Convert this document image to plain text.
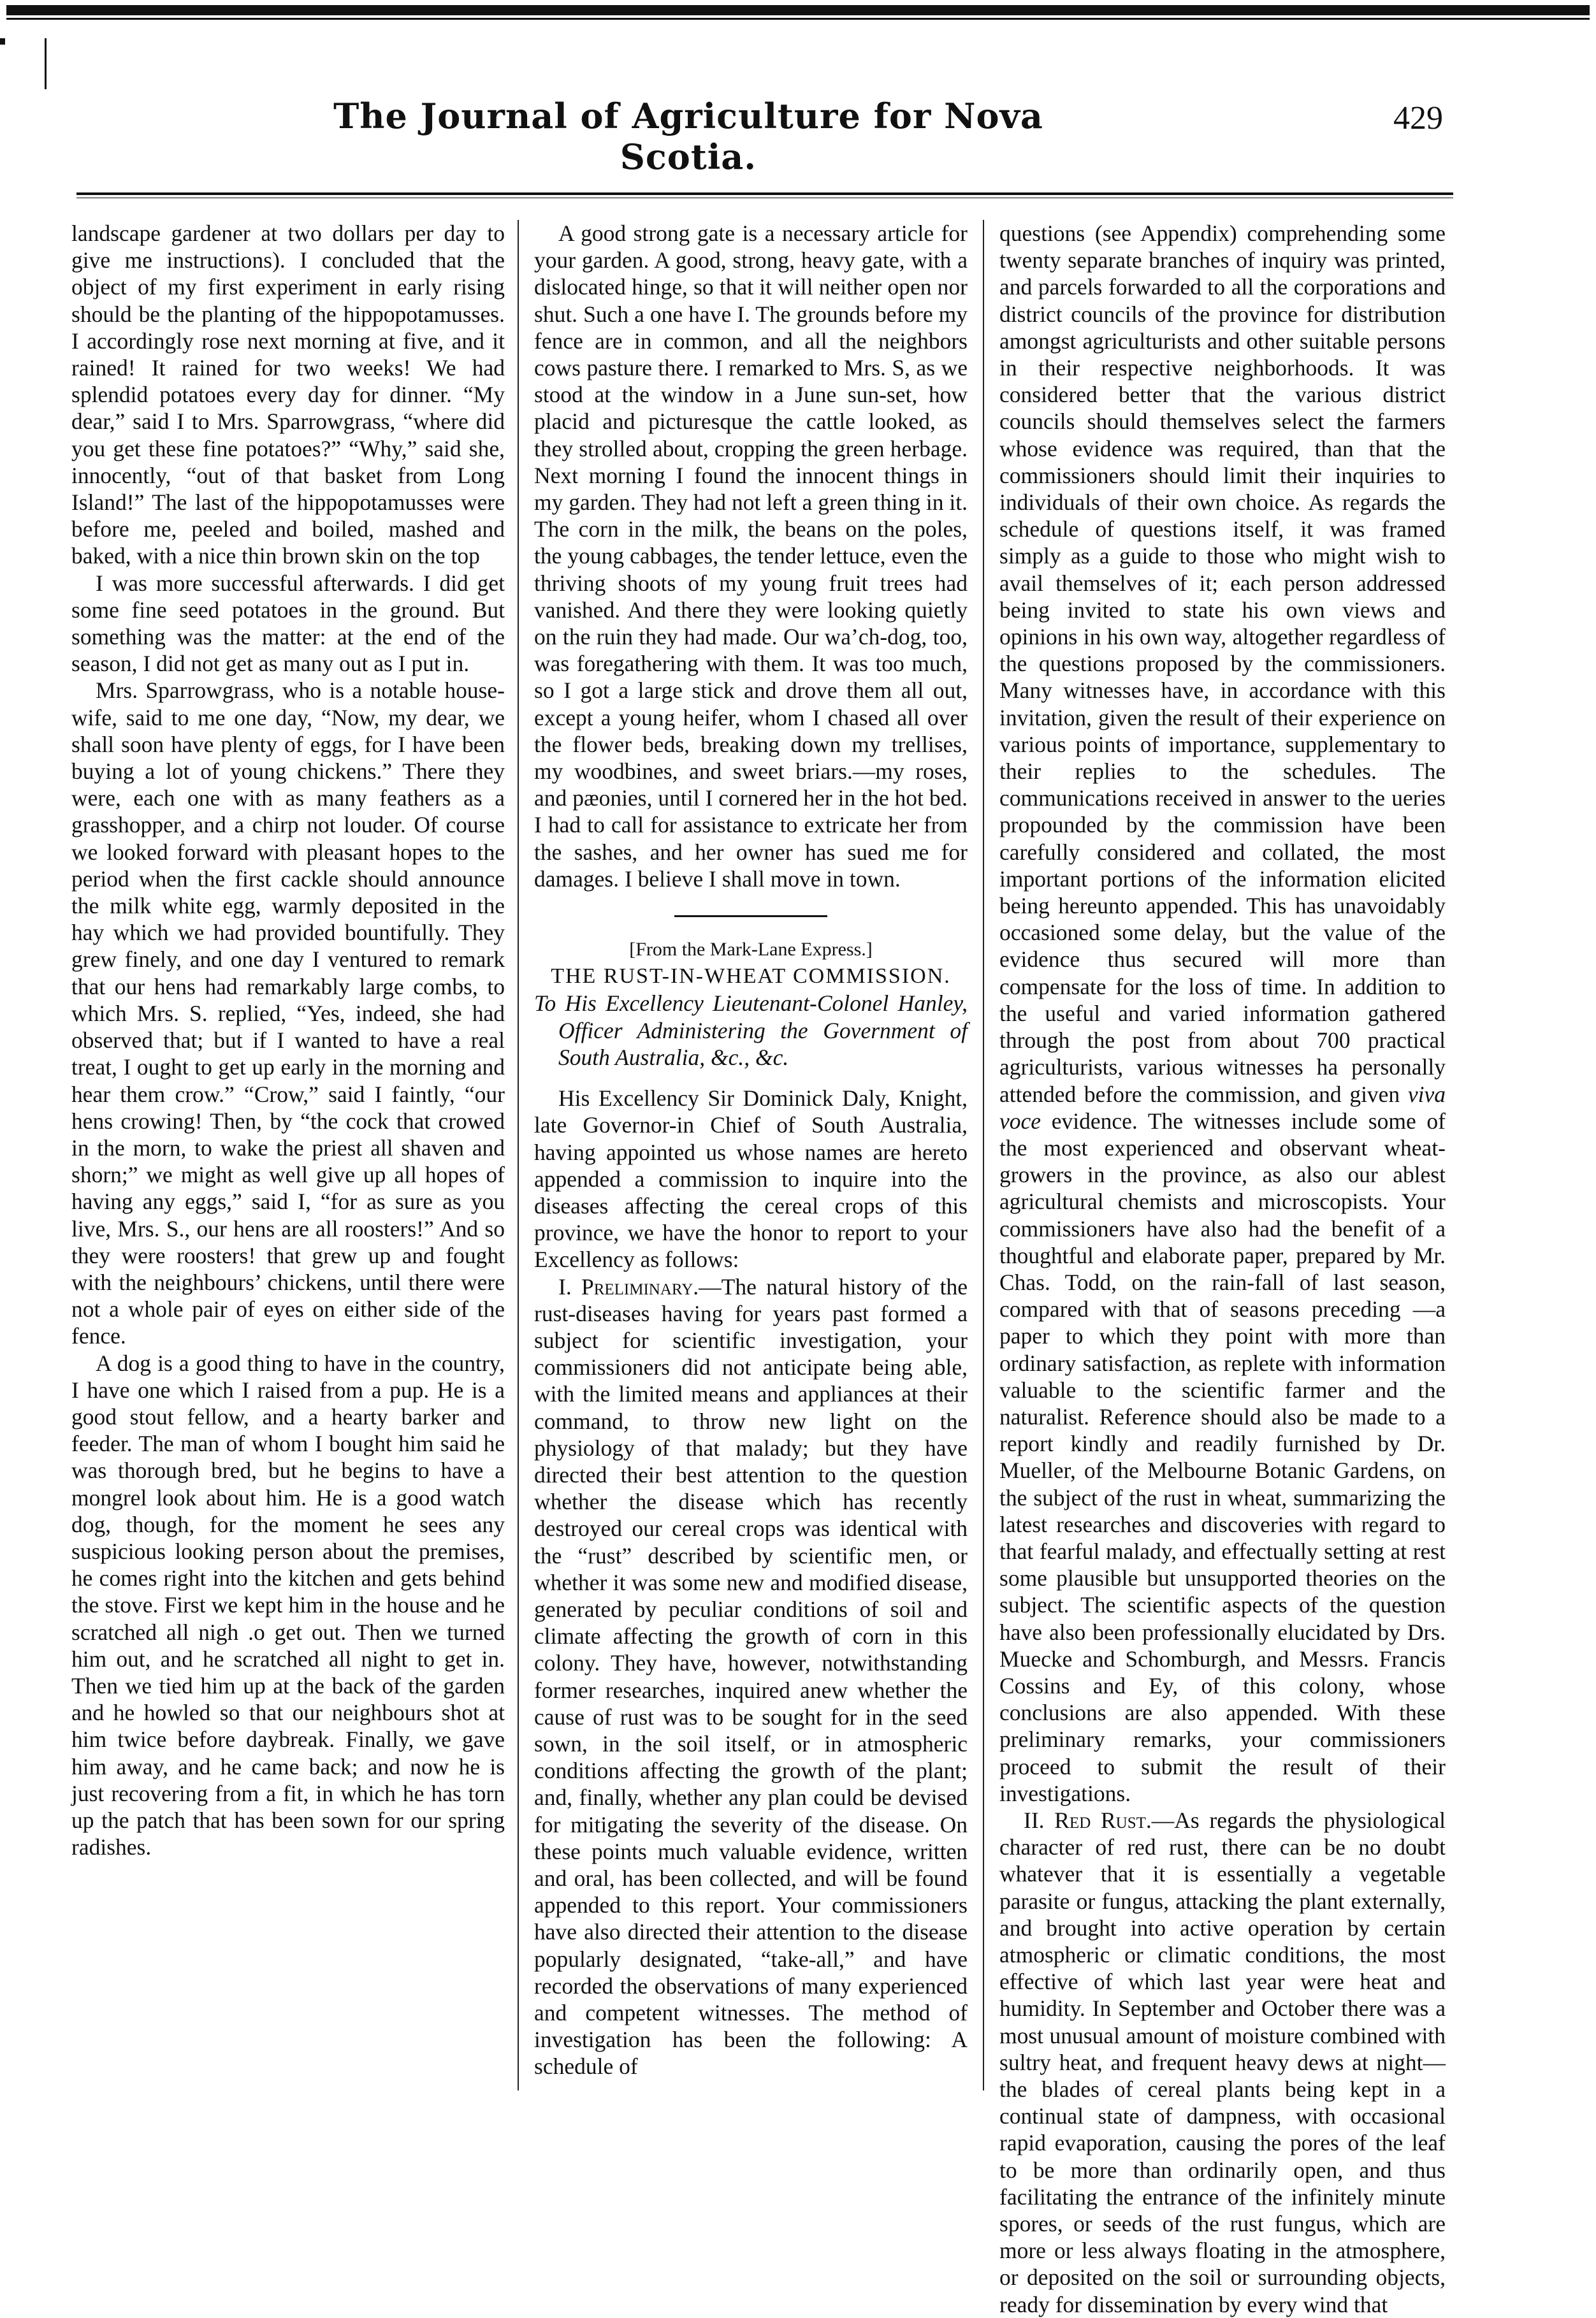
The Journal of Agriculture for Nova Scotia.
429

landscape gardener at two dollars per day to give me instructions). I concluded that the object of my first experiment in early rising should be the planting of the hippopotamusses. I accordingly rose next morning at five, and it rained! It rained for two weeks! We had splendid potatoes every day for dinner. “My dear,” said I to Mrs. Sparrowgrass, “where did you get these fine potatoes?” “Why,” said she, innocently, “out of that basket from Long Island!” The last of the hippopotamusses were before me, peeled and boiled, mashed and baked, with a nice thin brown skin on the top

I was more successful afterwards. I did get some fine seed potatoes in the ground. But something was the matter: at the end of the season, I did not get as many out as I put in.

Mrs. Sparrowgrass, who is a notable house-wife, said to me one day, “Now, my dear, we shall soon have plenty of eggs, for I have been buying a lot of young chickens.” There they were, each one with as many feathers as a grasshopper, and a chirp not louder. Of course we looked forward with pleasant hopes to the period when the first cackle should announce the milk white egg, warmly deposited in the hay which we had provided bountifully. They grew finely, and one day I ventured to remark that our hens had remarkably large combs, to which Mrs. S. replied, “Yes, indeed, she had observed that; but if I wanted to have a real treat, I ought to get up early in the morning and hear them crow.” “Crow,” said I faintly, “our hens crowing! Then, by “the cock that crowed in the morn, to wake the priest all shaven and shorn;” we might as well give up all hopes of having any eggs,” said I, “for as sure as you live, Mrs. S., our hens are all roosters!” And so they were roosters! that grew up and fought with the neighbours’ chickens, until there were not a whole pair of eyes on either side of the fence.

A dog is a good thing to have in the country, I have one which I raised from a pup. He is a good stout fellow, and a hearty barker and feeder. The man of whom I bought him said he was thorough bred, but he begins to have a mongrel look about him. He is a good watch dog, though, for the moment he sees any suspicious looking person about the premises, he comes right into the kitchen and gets behind the stove. First we kept him in the house and he scratched all nigh .o get out. Then we turned him out, and he scratched all night to get in. Then we tied him up at the back of the garden and he howled so that our neighbours shot at him twice before daybreak. Finally, we gave him away, and he came back; and now he is just recovering from a fit, in which he has torn up the patch that has been sown for our spring radishes.

A good strong gate is a necessary article for your garden. A good, strong, heavy gate, with a dislocated hinge, so that it will neither open nor shut. Such a one have I. The grounds before my fence are in common, and all the neighbors cows pasture there. I remarked to Mrs. S, as we stood at the window in a June sun-set, how placid and picturesque the cattle looked, as they strolled about, cropping the green herbage. Next morning I found the innocent things in my garden. They had not left a green thing in it. The corn in the milk, the beans on the poles, the young cabbages, the tender lettuce, even the thriving shoots of my young fruit trees had vanished. And there they were looking quietly on the ruin they had made. Our wa’ch-dog, too, was foregathering with them. It was too much, so I got a large stick and drove them all out, except a young heifer, whom I chased all over the flower beds, breaking down my trellises, my woodbines, and sweet briars.—my roses, and pæonies, until I cornered her in the hot bed. I had to call for assistance to extricate her from the sashes, and her owner has sued me for damages. I believe I shall move in town.

[From the Mark-Lane Express.]

THE RUST-IN-WHEAT COMMISSION.

To His Excellency Lieutenant-Colonel Hanley, Officer Administering the Government of South Australia, &c., &c.

His Excellency Sir Dominick Daly, Knight, late Governor-in Chief of South Australia, having appointed us whose names are hereto appended a commission to inquire into the diseases affecting the cereal crops of this province, we have the honor to report to your Excellency as follows:

I. Preliminary.—The natural history of the rust-diseases having for years past formed a subject for scientific investigation, your commissioners did not anticipate being able, with the limited means and appliances at their command, to throw new light on the physiology of that malady; but they have directed their best attention to the question whether the disease which has recently destroyed our cereal crops was identical with the “rust” described by scientific men, or whether it was some new and modified disease, generated by peculiar conditions of soil and climate affecting the growth of corn in this colony. They have, however, notwithstanding former researches, inquired anew whether the cause of rust was to be sought for in the seed sown, in the soil itself, or in atmospheric conditions affecting the growth of the plant; and, finally, whether any plan could be devised for mitigating the severity of the disease. On these points much valuable evidence, written and oral, has been collected, and will be found appended to this report. Your commissioners have also directed their attention to the disease popularly designated, “take-all,” and have recorded the observations of many experienced and competent witnesses. The method of investigation has been the following: A schedule of

questions (see Appendix) comprehending some twenty separate branches of inquiry was printed, and parcels forwarded to all the corporations and district councils of the province for distribution amongst agriculturists and other suitable persons in their respective neighborhoods. It was considered better that the various district councils should themselves select the farmers whose evidence was required, than that the commissioners should limit their inquiries to individuals of their own choice. As regards the schedule of questions itself, it was framed simply as a guide to those who might wish to avail themselves of it; each person addressed being invited to state his own views and opinions in his own way, altogether regardless of the questions proposed by the commissioners. Many witnesses have, in accordance with this invitation, given the result of their experience on various points of importance, supplementary to their replies to the schedules. The communications received in answer to the ueries propounded by the commission have been carefully considered and collated, the most important portions of the information elicited being hereunto appended. This has unavoidably occasioned some delay, but the value of the evidence thus secured will more than compensate for the loss of time. In addition to the useful and varied information gathered through the post from about 700 practical agriculturists, various witnesses ha personally attended before the commission, and given viva voce evidence. The witnesses include some of the most experienced and observant wheat-growers in the province, as also our ablest agricultural chemists and microscopists. Your commissioners have also had the benefit of a thoughtful and elaborate paper, prepared by Mr. Chas. Todd, on the rain-fall of last season, compared with that of seasons preceding —a paper to which they point with more than ordinary satisfaction, as replete with information valuable to the scientific farmer and the naturalist. Reference should also be made to a report kindly and readily furnished by Dr. Mueller, of the Melbourne Botanic Gardens, on the subject of the rust in wheat, summarizing the latest researches and discoveries with regard to that fearful malady, and effectually setting at rest some plausible but unsupported theories on the subject. The scientific aspects of the question have also been professionally elucidated by Drs. Muecke and Schomburgh, and Messrs. Francis Cossins and Ey, of this colony, whose conclusions are also appended. With these preliminary remarks, your commissioners proceed to submit the result of their investigations.

II. Red Rust.—As regards the physiological character of red rust, there can be no doubt whatever that it is essentially a vegetable parasite or fungus, attacking the plant externally, and brought into active operation by certain atmospheric or climatic conditions, the most effective of which last year were heat and humidity. In September and October there was a most unusual amount of moisture combined with sultry heat, and frequent heavy dews at night—the blades of cereal plants being kept in a continual state of dampness, with occasional rapid evaporation, causing the pores of the leaf to be more than ordinarily open, and thus facilitating the entrance of the infinitely minute spores, or seeds of the rust fungus, which are more or less always floating in the atmosphere, or deposited on the soil or surrounding objects, ready for dissemination by every wind that
